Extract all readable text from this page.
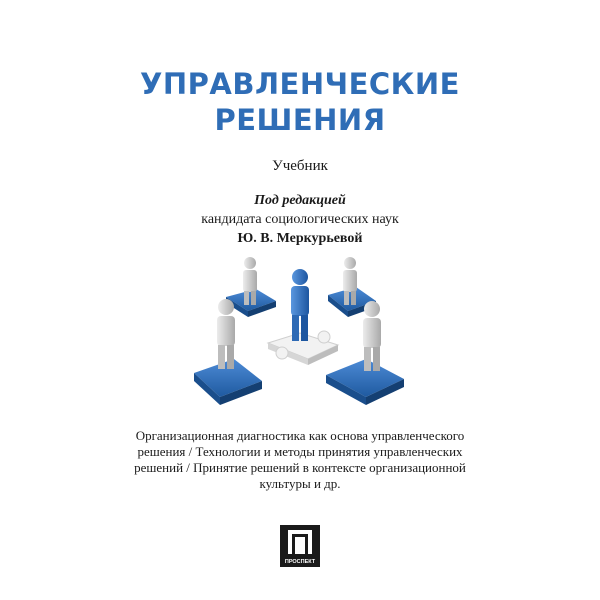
УПРАВЛЕНЧЕСКИЕ
РЕШЕНИЯ
Учебник
Под редакцией
кандидата социологических наук
Ю. В. Меркурьевой
Организационная диагностика как основа управленческого решения / Технологии и методы принятия управленческих решений / Принятие решений в контексте организационной культуры и др.
ПРОСПЕКТ
